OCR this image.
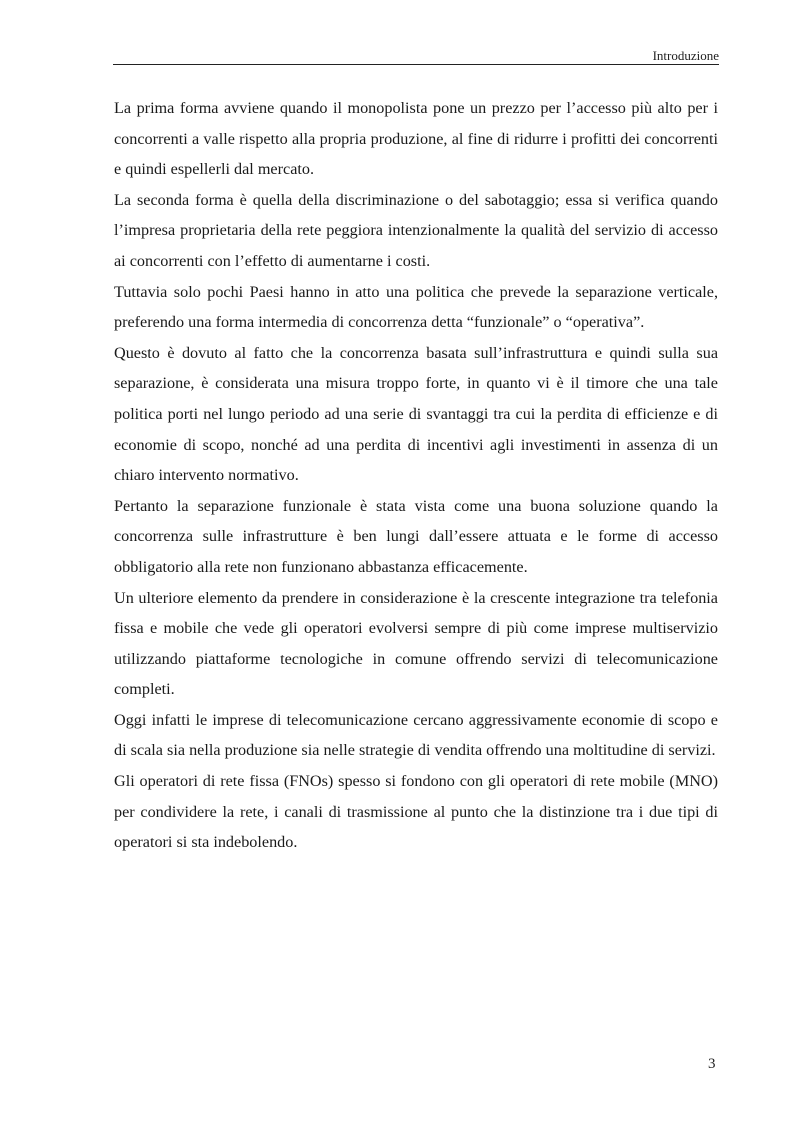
Introduzione

La prima forma avviene quando il monopolista pone un prezzo per l’accesso più alto per i concorrenti a valle rispetto alla propria produzione, al fine di ridurre i profitti dei concorrenti e quindi espellerli dal mercato.

La seconda forma è quella della discriminazione o del sabotaggio; essa si verifica quando l’impresa proprietaria della rete peggiora intenzionalmente la qualità del servizio di accesso ai concorrenti con l’effetto di aumentarne i costi.

Tuttavia solo pochi Paesi hanno in atto una politica che prevede la separazione verticale, preferendo una forma intermedia di concorrenza detta “funzionale” o “operativa”.

Questo è dovuto al fatto che la concorrenza basata sull’infrastruttura e quindi sulla sua separazione, è considerata una misura troppo forte, in quanto vi è il timore che una tale politica porti nel lungo periodo ad una serie di svantaggi tra cui la perdita di efficienze e di economie di scopo, nonché ad una perdita di incentivi agli investimenti in assenza di un chiaro intervento normativo.

Pertanto la separazione funzionale è stata vista come una buona soluzione quando la concorrenza sulle infrastrutture è ben lungi dall’essere attuata e le forme di accesso obbligatorio alla rete non funzionano abbastanza efficacemente.

Un ulteriore elemento da prendere in considerazione è la crescente integrazione tra telefonia fissa e mobile che vede gli operatori evolversi sempre di più come imprese multiservizio utilizzando piattaforme tecnologiche in comune offrendo servizi di telecomunicazione completi.

Oggi infatti le imprese di telecomunicazione cercano aggressivamente economie di scopo e di scala sia nella produzione sia nelle strategie di vendita offrendo una moltitudine di servizi.

Gli operatori di rete fissa (FNOs) spesso si fondono con gli operatori di rete mobile (MNO) per condividere la rete, i canali di trasmissione al punto che la distinzione tra i due tipi di operatori si sta indebolendo.

3
